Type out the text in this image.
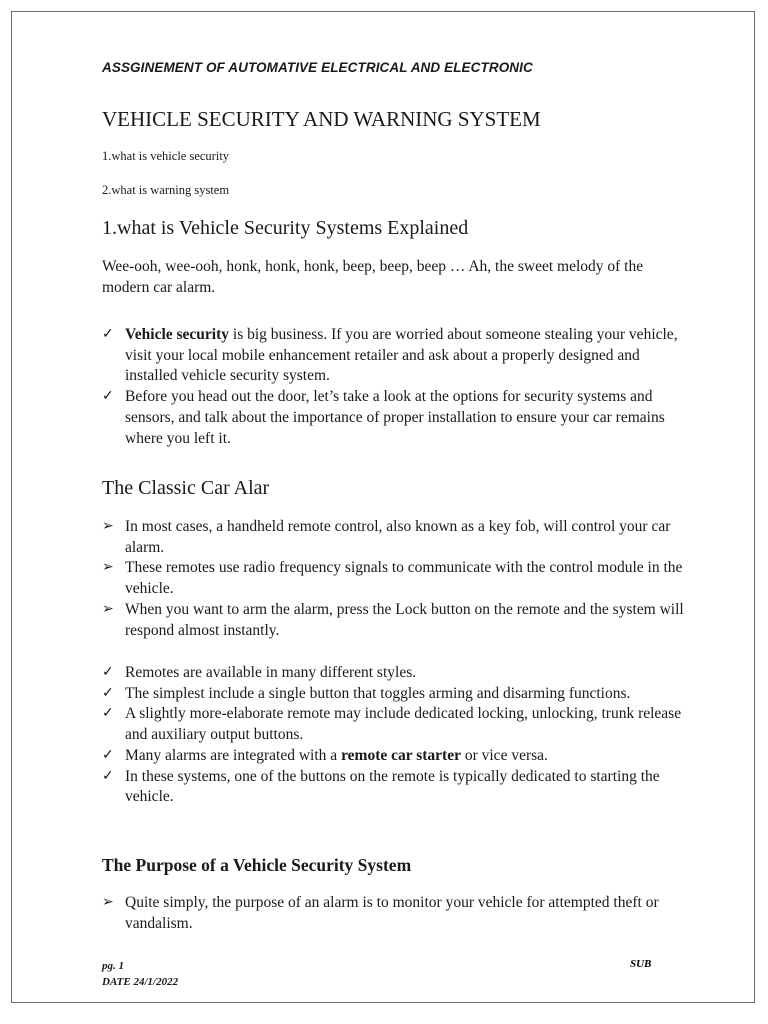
ASSGINEMENT OF AUTOMATIVE ELECTRICAL AND ELECTRONIC
VEHICLE SECURITY AND WARNING SYSTEM
1.what is vehicle security
2.what is warning system
1.what is Vehicle Security Systems Explained
Wee-ooh, wee-ooh, honk, honk, honk, beep, beep, beep … Ah, the sweet melody of the modern car alarm.
✓ Vehicle security is big business. If you are worried about someone stealing your vehicle, visit your local mobile enhancement retailer and ask about a properly designed and installed vehicle security system.
✓ Before you head out the door, let’s take a look at the options for security systems and sensors, and talk about the importance of proper installation to ensure your car remains where you left it.
The Classic Car Alar
➢ In most cases, a handheld remote control, also known as a key fob, will control your car alarm.
➢ These remotes use radio frequency signals to communicate with the control module in the vehicle.
➢ When you want to arm the alarm, press the Lock button on the remote and the system will respond almost instantly.
✓ Remotes are available in many different styles.
✓ The simplest include a single button that toggles arming and disarming functions.
✓ A slightly more-elaborate remote may include dedicated locking, unlocking, trunk release and auxiliary output buttons.
✓ Many alarms are integrated with a remote car starter or vice versa.
✓ In these systems, one of the buttons on the remote is typically dedicated to starting the vehicle.
The Purpose of a Vehicle Security System
➢ Quite simply, the purpose of an alarm is to monitor your vehicle for attempted theft or vandalism.
pg. 1
DATE 24/1/2022
SUB
